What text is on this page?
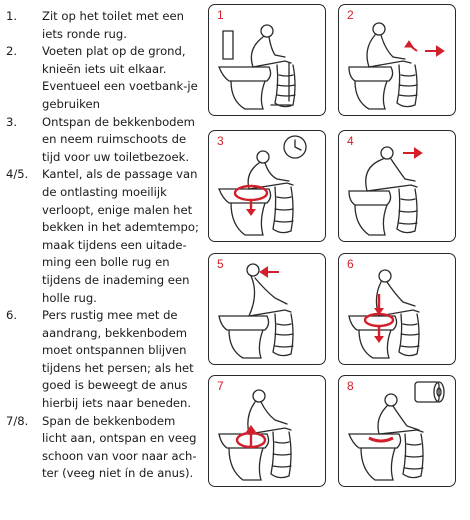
1.	Zit op het toilet met een iets ronde rug.
2.	Voeten plat op de grond, knieën iets uit elkaar. Eventueel een voetbank-je gebruiken
3.	Ontspan de bekkenbodem en neem ruimschoots de tijd voor uw toiletbezoek.
4/5.	Kantel, als de passage van de ontlasting moeilijk verloopt, enige malen het bekken in het ademtempo; maak tijdens een uitade-ming een bolle rug en tijdens de inademing een holle rug.
6.	Pers rustig mee met de aandrang, bekkenbodem moet ontspannen blijven tijdens het persen; als het goed is beweegt de anus hierbij iets naar beneden.
7/8.	Span de bekkenbodem licht aan, ontspan en veeg schoon van voor naar ach-ter (veeg niet ín de anus).
1	2
3	4
5	6
7	8
